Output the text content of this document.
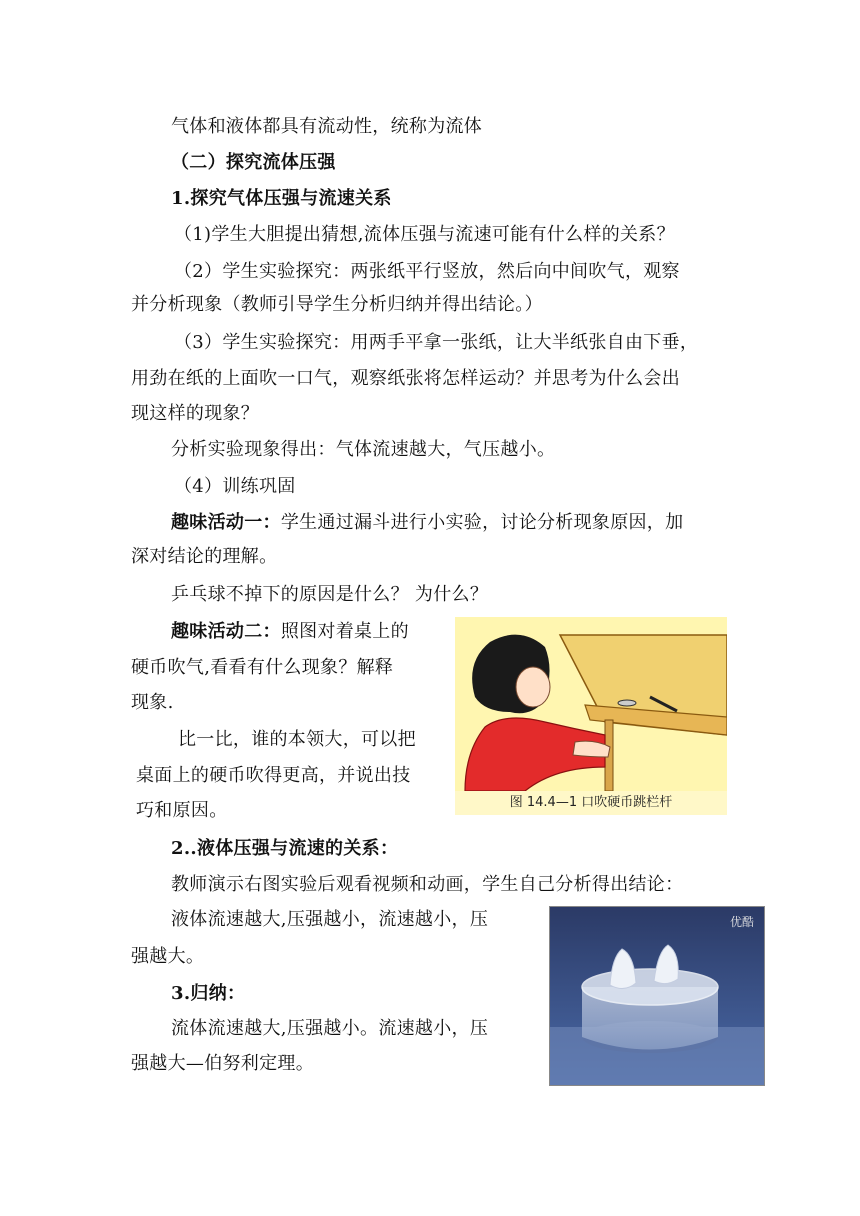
气体和液体都具有流动性，统称为流体
（二）探究流体压强
1.探究气体压强与流速关系
（1)学生大胆提出猜想,流体压强与流速可能有什么样的关系？
（2）学生实验探究：两张纸平行竖放，然后向中间吹气，观察
并分析现象（教师引导学生分析归纳并得出结论。）
（3）学生实验探究：用两手平拿一张纸，让大半纸张自由下垂，
用劲在纸的上面吹一口气，观察纸张将怎样运动？并思考为什么会出
现这样的现象？
分析实验现象得出：气体流速越大，气压越小。
（4）训练巩固
趣味活动一：学生通过漏斗进行小实验，讨论分析现象原因，加
深对结论的理解。
乒乓球不掉下的原因是什么？ 为什么？
趣味活动二：照图对着桌上的
硬币吹气,看看有什么现象？解释
现象.
比一比，谁的本领大，可以把
桌面上的硬币吹得更高，并说出技
巧和原因。	图 14.4—1 口吹硬币跳栏杆
2..液体压强与流速的关系：
教师演示右图实验后观看视频和动画，学生自己分析得出结论：
液体流速越大,压强越小，流速越小，压
强越大。
3.归纳：
流体流速越大,压强越小。流速越小，压
强越大—伯努利定理。
优酷
